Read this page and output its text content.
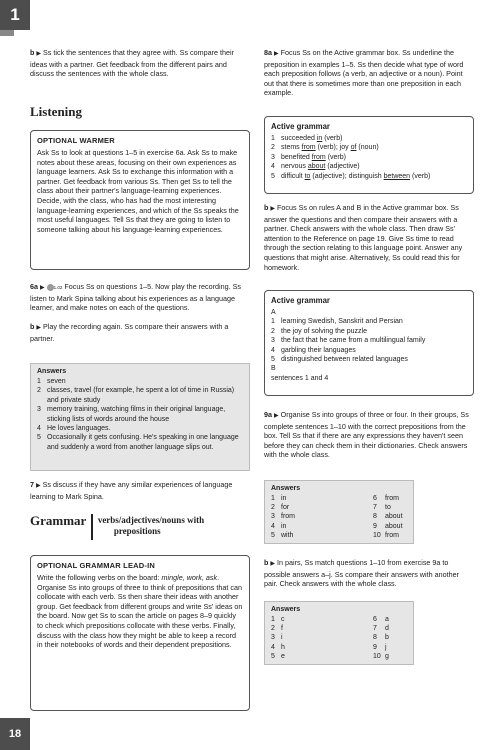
1

b ▶ Ss tick the sentences that they agree with. Ss compare their ideas with a partner. Get feedback from the different pairs and discuss the sentences with the whole class.

Listening
OPTIONAL WARMER

Ask Ss to look at questions 1–5 in exercise 6a. Ask Ss to make notes about these areas, focusing on their own experiences as language learners. Ask Ss to exchange this information with a partner. Get feedback from various Ss. Then get Ss to tell the class about their partner's language-learning experiences. Decide, with the class, who has had the most interesting language-learning experiences, and which of the Ss speaks the most useful languages. Tell Ss that they are going to listen to someone talking about his language-learning experiences.

6a ▶ 1.02 Focus Ss on questions 1–5. Now play the recording. Ss listen to Mark Spina talking about his experiences as a language learner, and make notes on each of the questions.

b ▶ Play the recording again. Ss compare their answers with a partner.

Answers
1 seven
2 classes, travel (for example, he spent a lot of time in Russia) and private study
3 memory training, watching films in their original language, sticking lists of words around the house
4 He loves languages.
5 Occasionally it gets confusing. He's speaking in one language and suddenly a word from another language slips out.

7 ▶ Ss discuss if they have any similar experiences of language learning to Mark Spina.

Grammar verbs/adjectives/nouns with
prepositions
OPTIONAL GRAMMAR LEAD-IN

Write the following verbs on the board: mingle, work, ask. Organise Ss into groups of three to think of prepositions that can collocate with each verb. Ss then share their ideas with another group. Get feedback from different groups and write Ss' ideas on the board. Now get Ss to scan the article on pages 8–9 quickly to check which prepositions collocate with these verbs. Finally, discuss with the class how they might be able to keep a record in their notebooks of words and their dependent prepositions.

8a ▶ Focus Ss on the Active grammar box. Ss underline the preposition in examples 1–5. Ss then decide what type of word each preposition follows (a verb, an adjective or a noun). Point out that there is sometimes more than one preposition in each example.

Active grammar
1 succeeded in (verb)
2 stems from (verb); joy of (noun)
3 benefited from (verb)
4 nervous about (adjective)
5 difficult to (adjective); distinguish between (verb)

b ▶ Focus Ss on rules A and B in the Active grammar box. Ss answer the questions and then compare their answers with a partner. Check answers with the whole class. Then draw Ss' attention to the Reference on page 19. Give Ss time to read through the section relating to this language point. Answer any questions that might arise. Alternatively, Ss could read this for homework.

Active grammar
A
1 learning Swedish, Sanskrit and Persian
2 the joy of solving the puzzle
3 the fact that he came from a multilingual family
4 garbling their languages
5 distinguished between related languages
B
sentences 1 and 4

9a ▶ Organise Ss into groups of three or four. In their groups, Ss complete sentences 1–10 with the correct prepositions from the box. Tell Ss that if there are any expressions they haven't seen before they can check them in their dictionaries. Check answers with the whole class.

Answers
1 in	6	from
2 for	7	to
3 from	8	about
4 in	9	about
5 with	10 from

b ▶ In pairs, Ss match questions 1–10 from exercise 9a to possible answers a–j. Ss compare their answers with another pair. Check answers with the whole class.

Answers
1 c	6	a
2 f	7	d
3 i	8	b
4 h	9	j
5 e	10 g
18
